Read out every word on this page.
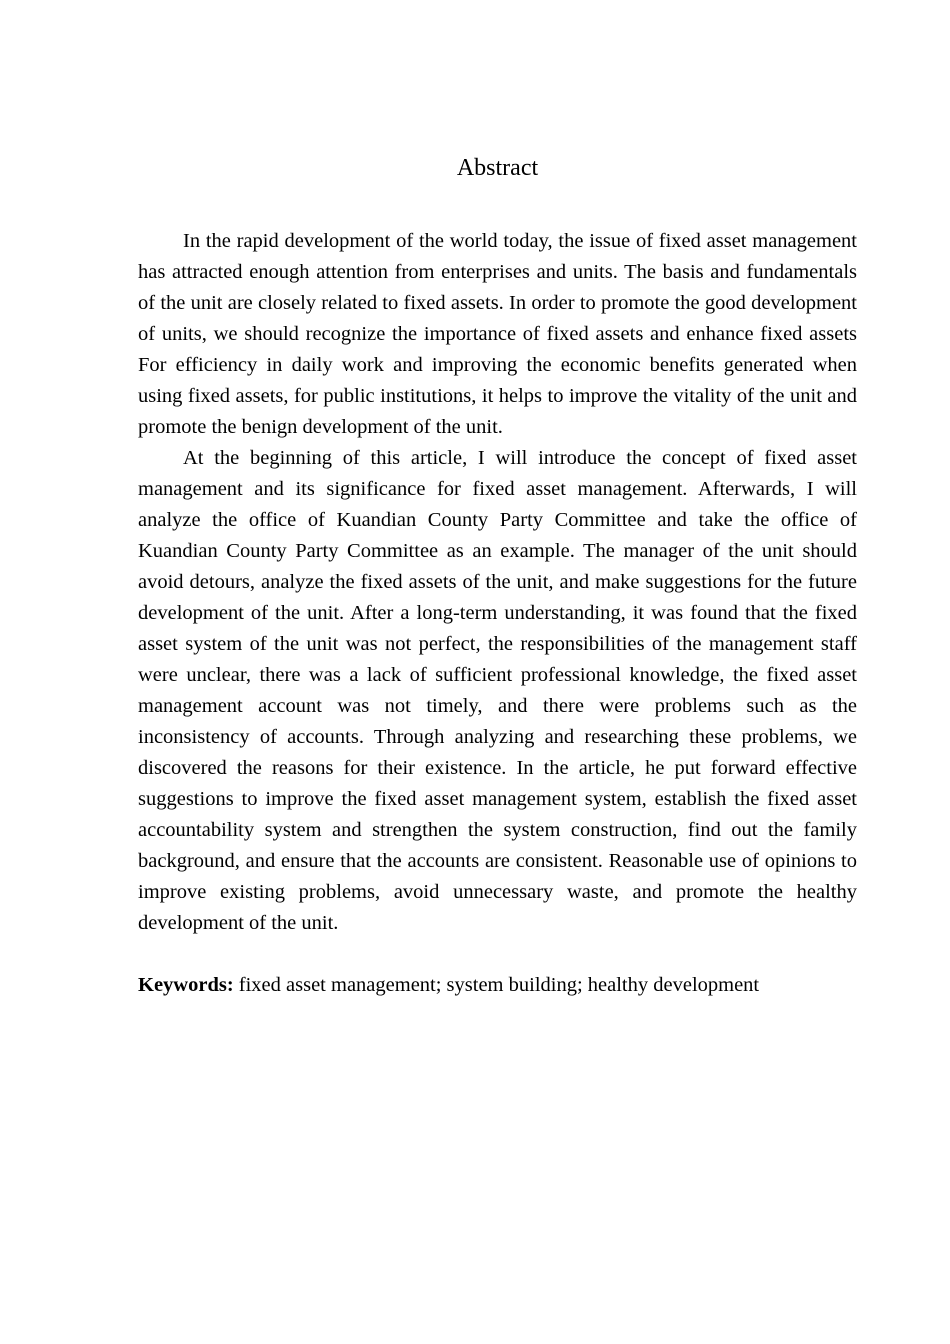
Abstract

In the rapid development of the world today, the issue of fixed asset management has attracted enough attention from enterprises and units. The basis and fundamentals of the unit are closely related to fixed assets. In order to promote the good development of units, we should recognize the importance of fixed assets and enhance fixed assets For efficiency in daily work and improving the economic benefits generated when using fixed assets, for public institutions, it helps to improve the vitality of the unit and promote the benign development of the unit.

At the beginning of this article, I will introduce the concept of fixed asset management and its significance for fixed asset management. Afterwards, I will analyze the office of Kuandian County Party Committee and take the office of Kuandian County Party Committee as an example. The manager of the unit should avoid detours, analyze the fixed assets of the unit, and make suggestions for the future development of the unit. After a long-term understanding, it was found that the fixed asset system of the unit was not perfect, the responsibilities of the management staff were unclear, there was a lack of sufficient professional knowledge, the fixed asset management account was not timely, and there were problems such as the inconsistency of accounts. Through analyzing and researching these problems, we discovered the reasons for their existence. In the article, he put forward effective suggestions to improve the fixed asset management system, establish the fixed asset accountability system and strengthen the system construction, find out the family background, and ensure that the accounts are consistent. Reasonable use of opinions to improve existing problems, avoid unnecessary waste, and promote the healthy development of the unit.

Keywords: fixed asset management; system building; healthy development
